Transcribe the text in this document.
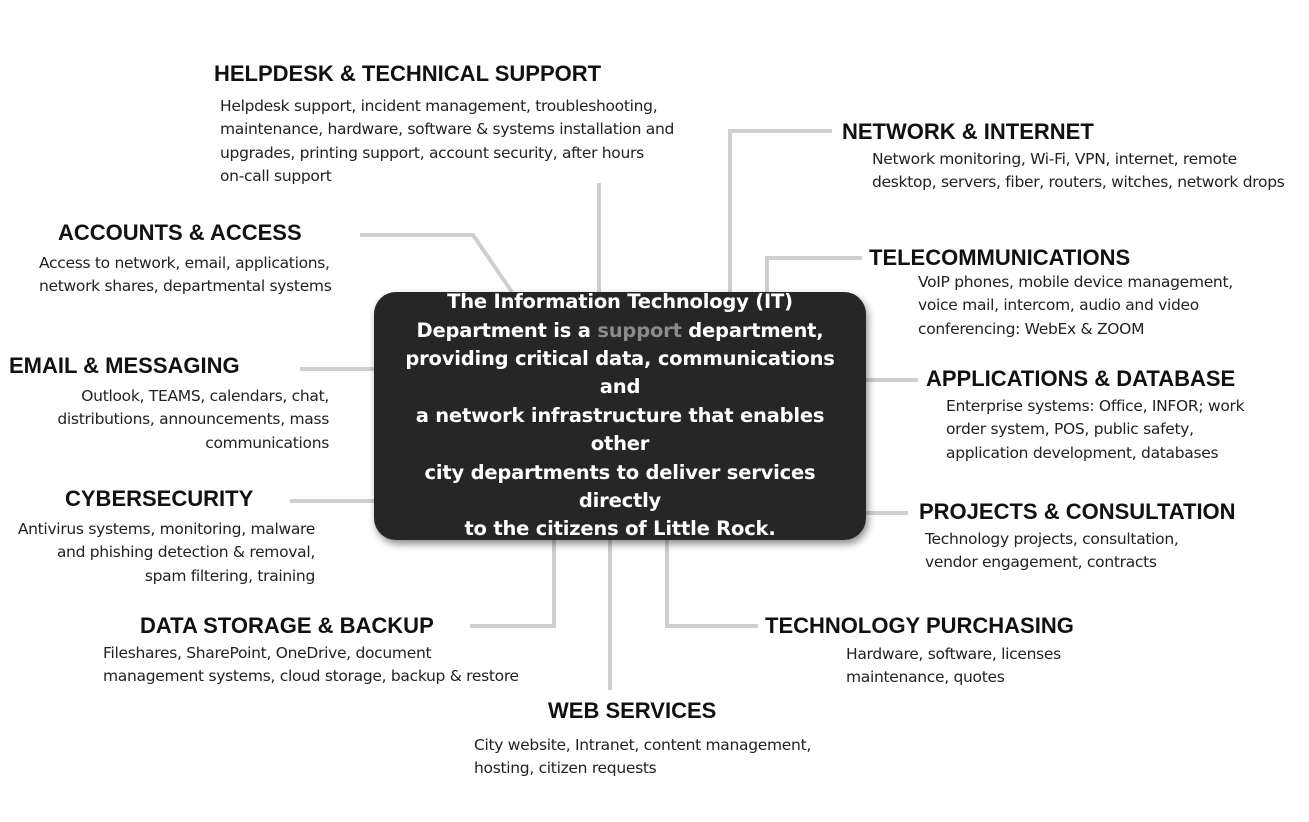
The Information Technology (IT)
Department is a support department,
providing critical data, communications and
a network infrastructure that enables other
city departments to deliver services directly
to the citizens of Little Rock.
HELPDESK & TECHNICAL SUPPORT
Helpdesk support, incident management, troubleshooting,
maintenance, hardware, software & systems installation and
upgrades, printing support, account security, after hours
on-call support
NETWORK & INTERNET
Network monitoring, Wi-Fi, VPN, internet, remote
desktop, servers, fiber, routers, witches, network drops
ACCOUNTS & ACCESS
Access to network, email, applications,
network shares, departmental systems
TELECOMMUNICATIONS
VoIP phones, mobile device management,
voice mail, intercom, audio and video
conferencing: WebEx & ZOOM
EMAIL & MESSAGING
Outlook, TEAMS, calendars, chat,
distributions, announcements, mass
communications
APPLICATIONS & DATABASE
Enterprise systems: Office, INFOR; work
order system, POS, public safety,
application development, databases
CYBERSECURITY
Antivirus systems, monitoring, malware
and phishing detection & removal,
spam filtering, training
PROJECTS & CONSULTATION
Technology projects, consultation,
vendor engagement, contracts
DATA STORAGE & BACKUP
Fileshares, SharePoint, OneDrive, document
management systems, cloud storage, backup & restore
TECHNOLOGY PURCHASING
Hardware, software, licenses
maintenance, quotes
WEB SERVICES
City website, Intranet, content management,
hosting, citizen requests
